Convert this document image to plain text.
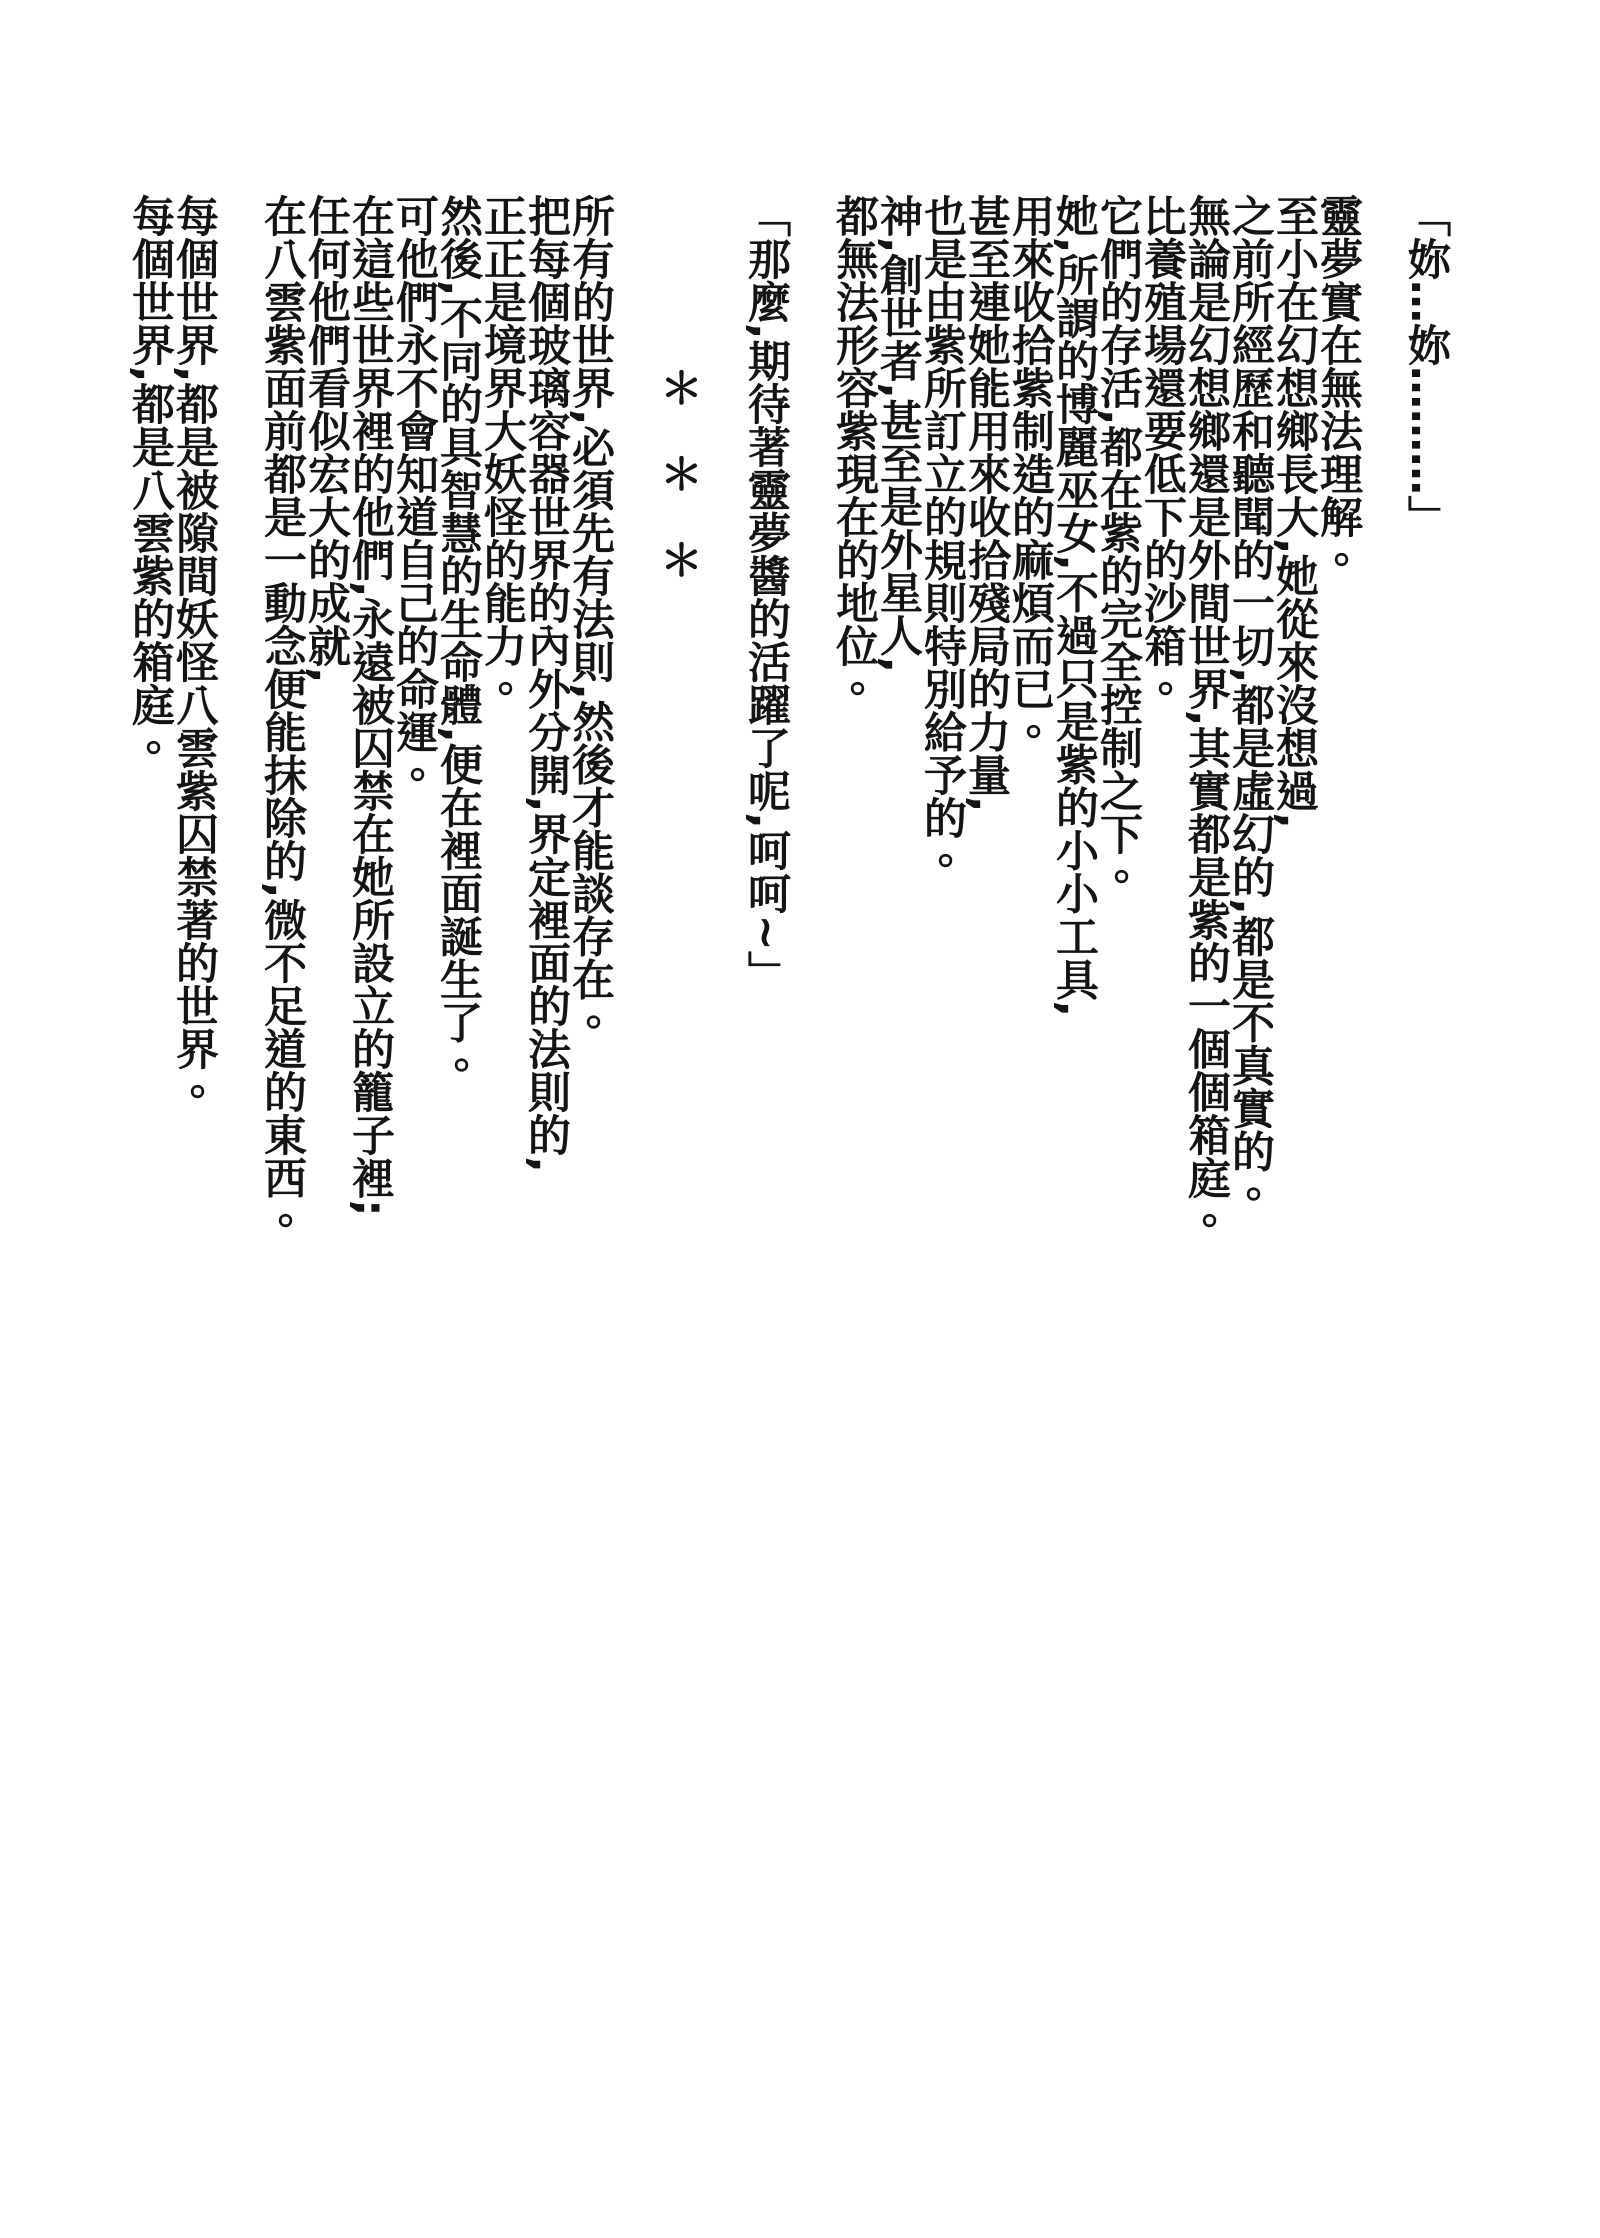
「妳…妳………」

靈夢實在無法理解。

至小在幻想鄉長大,她從來沒想過,

之前所經歷和聽聞的一切,都是虛幻的,都是不真實的。

無論是幻想鄉還是外間世界,其實都是紫的一個個箱庭。

比養殖場還要低下的沙箱。

它們的存活,都在紫的完全控制之下。

她,所謂的博麗巫女,不過只是紫的小小工具,

用來收拾紫制造的麻煩而已。

甚至連她能用來收拾殘局的力量,

也是由紫所訂立的規則特別給予的。

神,創世者,甚至是外星人,

都無法形容紫現在的地位。

「那麼,期待著靈夢醬的活躍了呢,呵呵~」

　　　　＊　＊　＊

所有的世界,必須先有法則,然後才能談存在。

把每個玻璃容器世界的內外分開,界定裡面的法則的,

正正是境界大妖怪的能力。

然後,不同的具智慧的生命體,便在裡面誕生了。

可他們永不會知道自己的命運。

在這些世界裡的他們,永遠被囚禁在她所設立的籠子裡;

任何他們看似宏大的成就,

在八雲紫面前都是一動念便能抹除的,微不足道的東西。

每個世界,都是被隙間妖怪八雲紫囚禁著的世界。

每個世界,都是八雲紫的箱庭。
